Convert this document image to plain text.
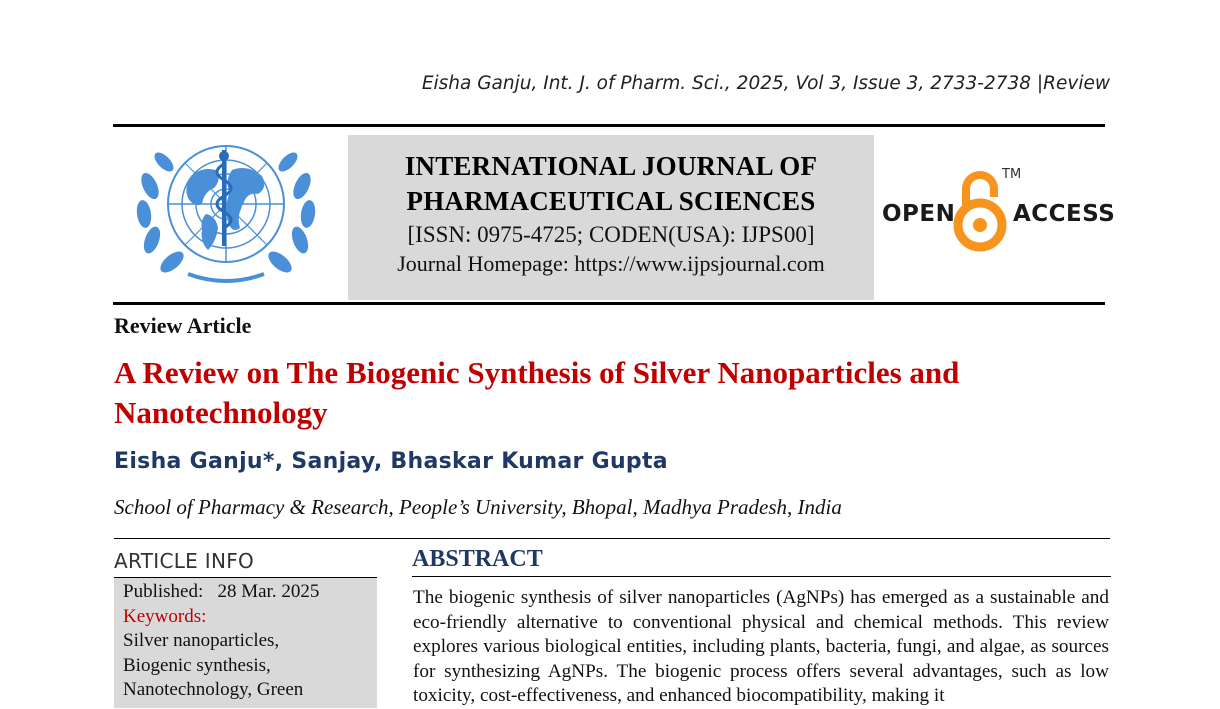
Eisha Ganju, Int. J. of Pharm. Sci., 2025, Vol 3, Issue 3, 2733-2738 |Review
INTERNATIONAL JOURNAL OF
PHARMACEUTICAL SCIENCES
[ISSN: 0975-4725; CODEN(USA): IJPS00]
Journal Homepage: https://www.ijpsjournal.com
OPEN
TM
ACCESS
Review Article
A Review on The Biogenic Synthesis of Silver Nanoparticles and Nanotechnology
Eisha Ganju*, Sanjay, Bhaskar Kumar Gupta
School of Pharmacy & Research, People’s University, Bhopal, Madhya Pradesh, India
ARTICLE INFO
Published: 28 Mar. 2025
Keywords:
Silver nanoparticles,
Biogenic synthesis,
Nanotechnology, Green
ABSTRACT
The biogenic synthesis of silver nanoparticles (AgNPs) has emerged as a sustainable and eco-friendly alternative to conventional physical and chemical methods. This review explores various biological entities, including plants, bacteria, fungi, and algae, as sources for synthesizing AgNPs. The biogenic process offers several advantages, such as low toxicity, cost-effectiveness, and enhanced biocompatibility, making it
